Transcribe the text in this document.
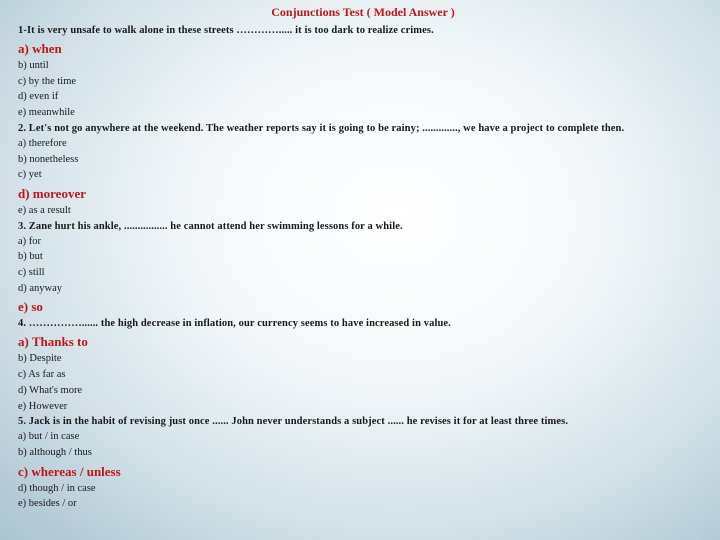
Conjunctions Test ( Model Answer )
1-It is very unsafe to walk alone in these streets …………..... it is too dark to realize crimes.
a) when
b) until
c) by the time
d) even if
e) meanwhile
2. Let's not go anywhere at the weekend. The weather reports say it is going to be rainy; ............., we have a project to complete then.
a) therefore
b) nonetheless
c) yet
d) moreover
e) as a result
3. Zane hurt his ankle, ................ he cannot attend her swimming lessons for a while.
a) for
b) but
c) still
d) anyway
e) so
4. ……………...... the high decrease in inflation, our currency seems to have increased in value.
a) Thanks to
b) Despite
c) As far as
d) What's more
e) However
5. Jack is in the habit of revising just once ...... John never understands a subject ...... he revises it for at least three times.
a) but / in case
b) although / thus
c) whereas / unless
d) though / in case
e) besides / or
